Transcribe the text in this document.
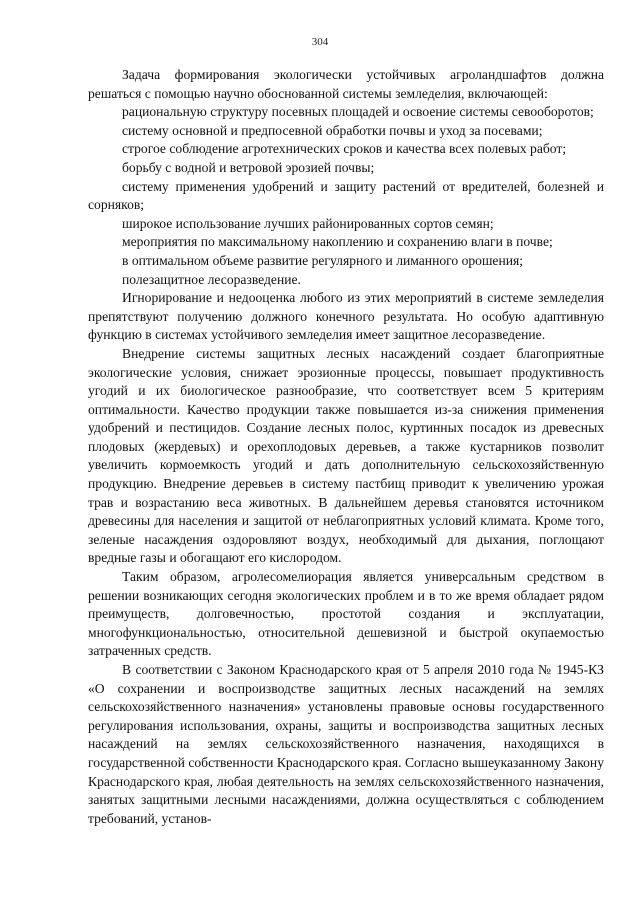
304

Задача формирования экологически устойчивых агроландшафтов должна решаться с помощью научно обоснованной системы земледелия, включающей:

рациональную структуру посевных площадей и освоение системы севооборотов;

систему основной и предпосевной обработки почвы и уход за посевами;

строгое соблюдение агротехнических сроков и качества всех полевых работ;

борьбу с водной и ветровой эрозией почвы;

систему применения удобрений и защиту растений от вредителей, болезней и сорняков;

широкое использование лучших районированных сортов семян;

мероприятия по максимальному накоплению и сохранению влаги в почве;

в оптимальном объеме развитие регулярного и лиманного орошения;

полезащитное лесоразведение.

Игнорирование и недооценка любого из этих мероприятий в системе земледелия препятствуют получению должного конечного результата. Но особую адаптивную функцию в системах устойчивого земледелия имеет защитное лесоразведение.

Внедрение системы защитных лесных насаждений создает благоприятные экологические условия, снижает эрозионные процессы, повышает продуктивность угодий и их биологическое разнообразие, что соответствует всем 5 критериям оптимальности. Качество продукции также повышается из-за снижения применения удобрений и пестицидов. Создание лесных полос, куртинных посадок из древесных плодовых (жердевых) и орехоплодовых деревьев, а также кустарников позволит увеличить кормоемкость угодий и дать дополнительную сельскохозяйственную продукцию. Внедрение деревьев в систему пастбищ приводит к увеличению урожая трав и возрастанию веса животных. В дальнейшем деревья становятся источником древесины для населения и защитой от неблагоприятных условий климата. Кроме того, зеленые насаждения оздоровляют воздух, необходимый для дыхания, поглощают вредные газы и обогащают его кислородом.

Таким образом, агролесомелиорация является универсальным средством в решении возникающих сегодня экологических проблем и в то же время обладает рядом преимуществ, долговечностью, простотой создания и эксплуатации, многофункциональностью, относительной дешевизной и быстрой окупаемостью затраченных средств.

В соответствии с Законом Краснодарского края от 5 апреля 2010 года № 1945-КЗ «О сохранении и воспроизводстве защитных лесных насаждений на землях сельскохозяйственного назначения» установлены правовые основы государственного регулирования использования, охраны, защиты и воспроизводства защитных лесных насаждений на землях сельскохозяйственного назначения, находящихся в государственной собственности Краснодарского края. Согласно вышеуказанному Закону Краснодарского края, любая деятельность на землях сельскохозяйственного назначения, занятых защитными лесными насаждениями, должна осуществляться с соблюдением требований, установ-
